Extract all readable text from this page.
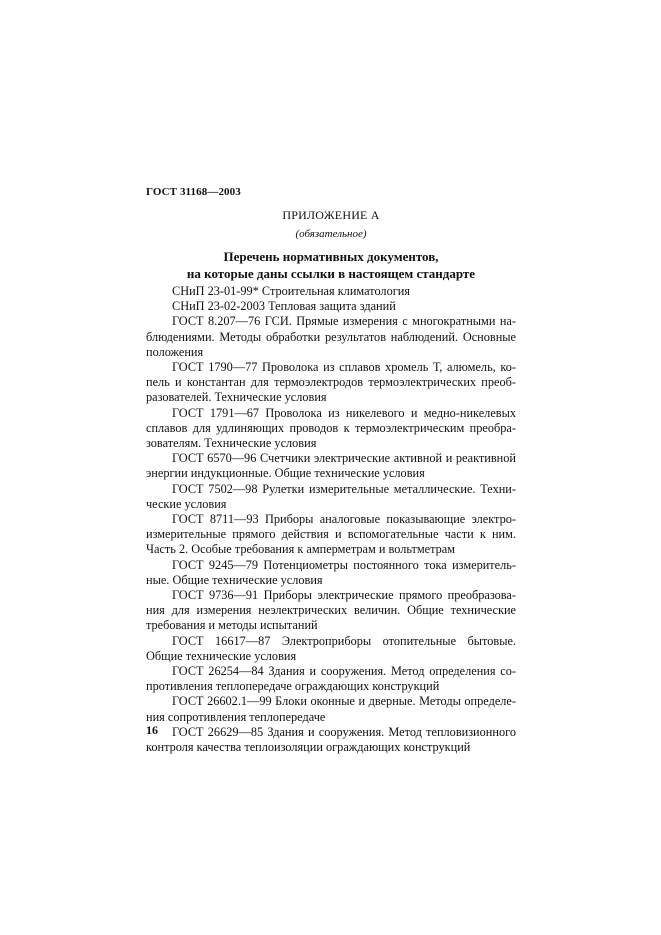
ГОСТ 31168—2003
ПРИЛОЖЕНИЕ А
(обязательное)
Перечень нормативных документов,
на которые даны ссылки в настоящем стандарте

СНиП 23-01-99* Строительная климатология

СНиП 23-02-2003 Тепловая защита зданий

ГОСТ 8.207—76 ГСИ. Прямые измерения с многократными наблюдениями. Методы обработки результатов наблюдений. Основные положения

ГОСТ 1790—77 Проволока из сплавов хромель Т, алюмель, копель и константан для термоэлектродов термоэлектрических преобразователей. Технические условия

ГОСТ 1791—67 Проволока из никелевого и медно-никелевых сплавов для удлиняющих проводов к термоэлектрическим преобразователям. Технические условия

ГОСТ 6570—96 Счетчики электрические активной и реактивной энергии индукционные. Общие технические условия

ГОСТ 7502—98 Рулетки измерительные металлические. Технические условия

ГОСТ 8711—93 Приборы аналоговые показывающие электроизмерительные прямого действия и вспомогательные части к ним. Часть 2. Особые требования к амперметрам и вольтметрам

ГОСТ 9245—79 Потенциометры постоянного тока измерительные. Общие технические условия

ГОСТ 9736—91 Приборы электрические прямого преобразования для измерения неэлектрических величин. Общие технические требования и методы испытаний

ГОСТ 16617—87 Электроприборы отопительные бытовые. Общие технические условия

ГОСТ 26254—84 Здания и сооружения. Метод определения сопротивления теплопередаче ограждающих конструкций

ГОСТ 26602.1—99 Блоки оконные и дверные. Методы определения сопротивления теплопередаче

ГОСТ 26629—85 Здания и сооружения. Метод тепловизионного контроля качества теплоизоляции ограждающих конструкций

16
